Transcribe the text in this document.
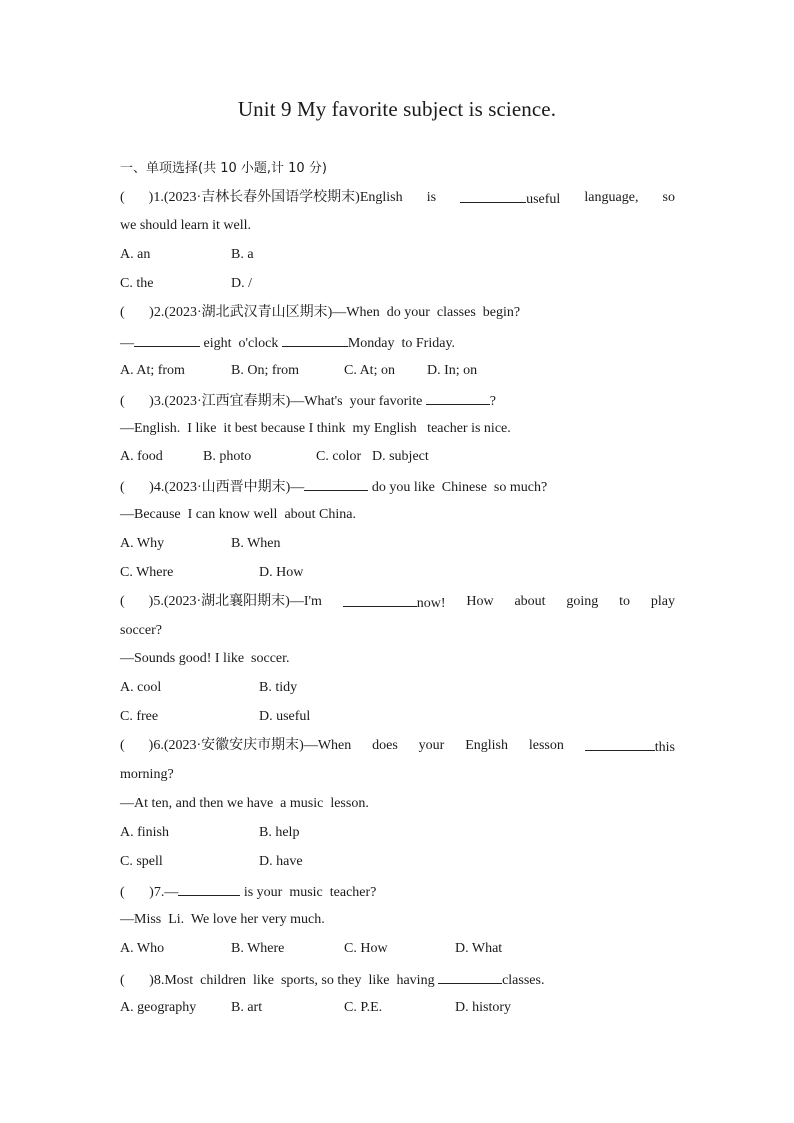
Unit 9 My favorite subject is science.
一、单项选择(共 10 小题,计 10 分)
( )1.(2023·吉林长春外国语学校期末)English is	useful language, so
we should learn it well.
A. an	B. a
C. the	D. /
(       )2.(2023·湖北武汉青山区期末)—When  do your  classes  begin?
—	eight  o'clock	Monday  to Friday.
A. At; from	B. On; from	C. At; on D. In; on
(       )3.(2023·江西宜春期末)—What's  your favorite	?
—English.  I like  it best because I think  my English   teacher is nice.
A. food	B. photo	C. color D. subject
(       )4.(2023·山西晋中期末)—	do you like  Chinese  so much?
—Because  I can know well  about China.
A. Why	B. When
C. Where	D. How
( )5.(2023·湖北襄阳期末)—I'm	now! How about going to play
soccer?
—Sounds good! I like  soccer.
A. cool	B. tidy
C. free	D. useful
( )6.(2023·安徽安庆市期末)—When does your English lesson	this
morning?
—At ten, and then we have  a music  lesson.
A. finish	B. help
C. spell	D. have
(       )7.—	is your  music  teacher?
—Miss  Li.  We love her very much.
A. Who	B. Where	C. How	D. What
(       )8.Most  children  like  sports, so they  like  having	classes.
A. geography B. art	C. P.E.	D. history
